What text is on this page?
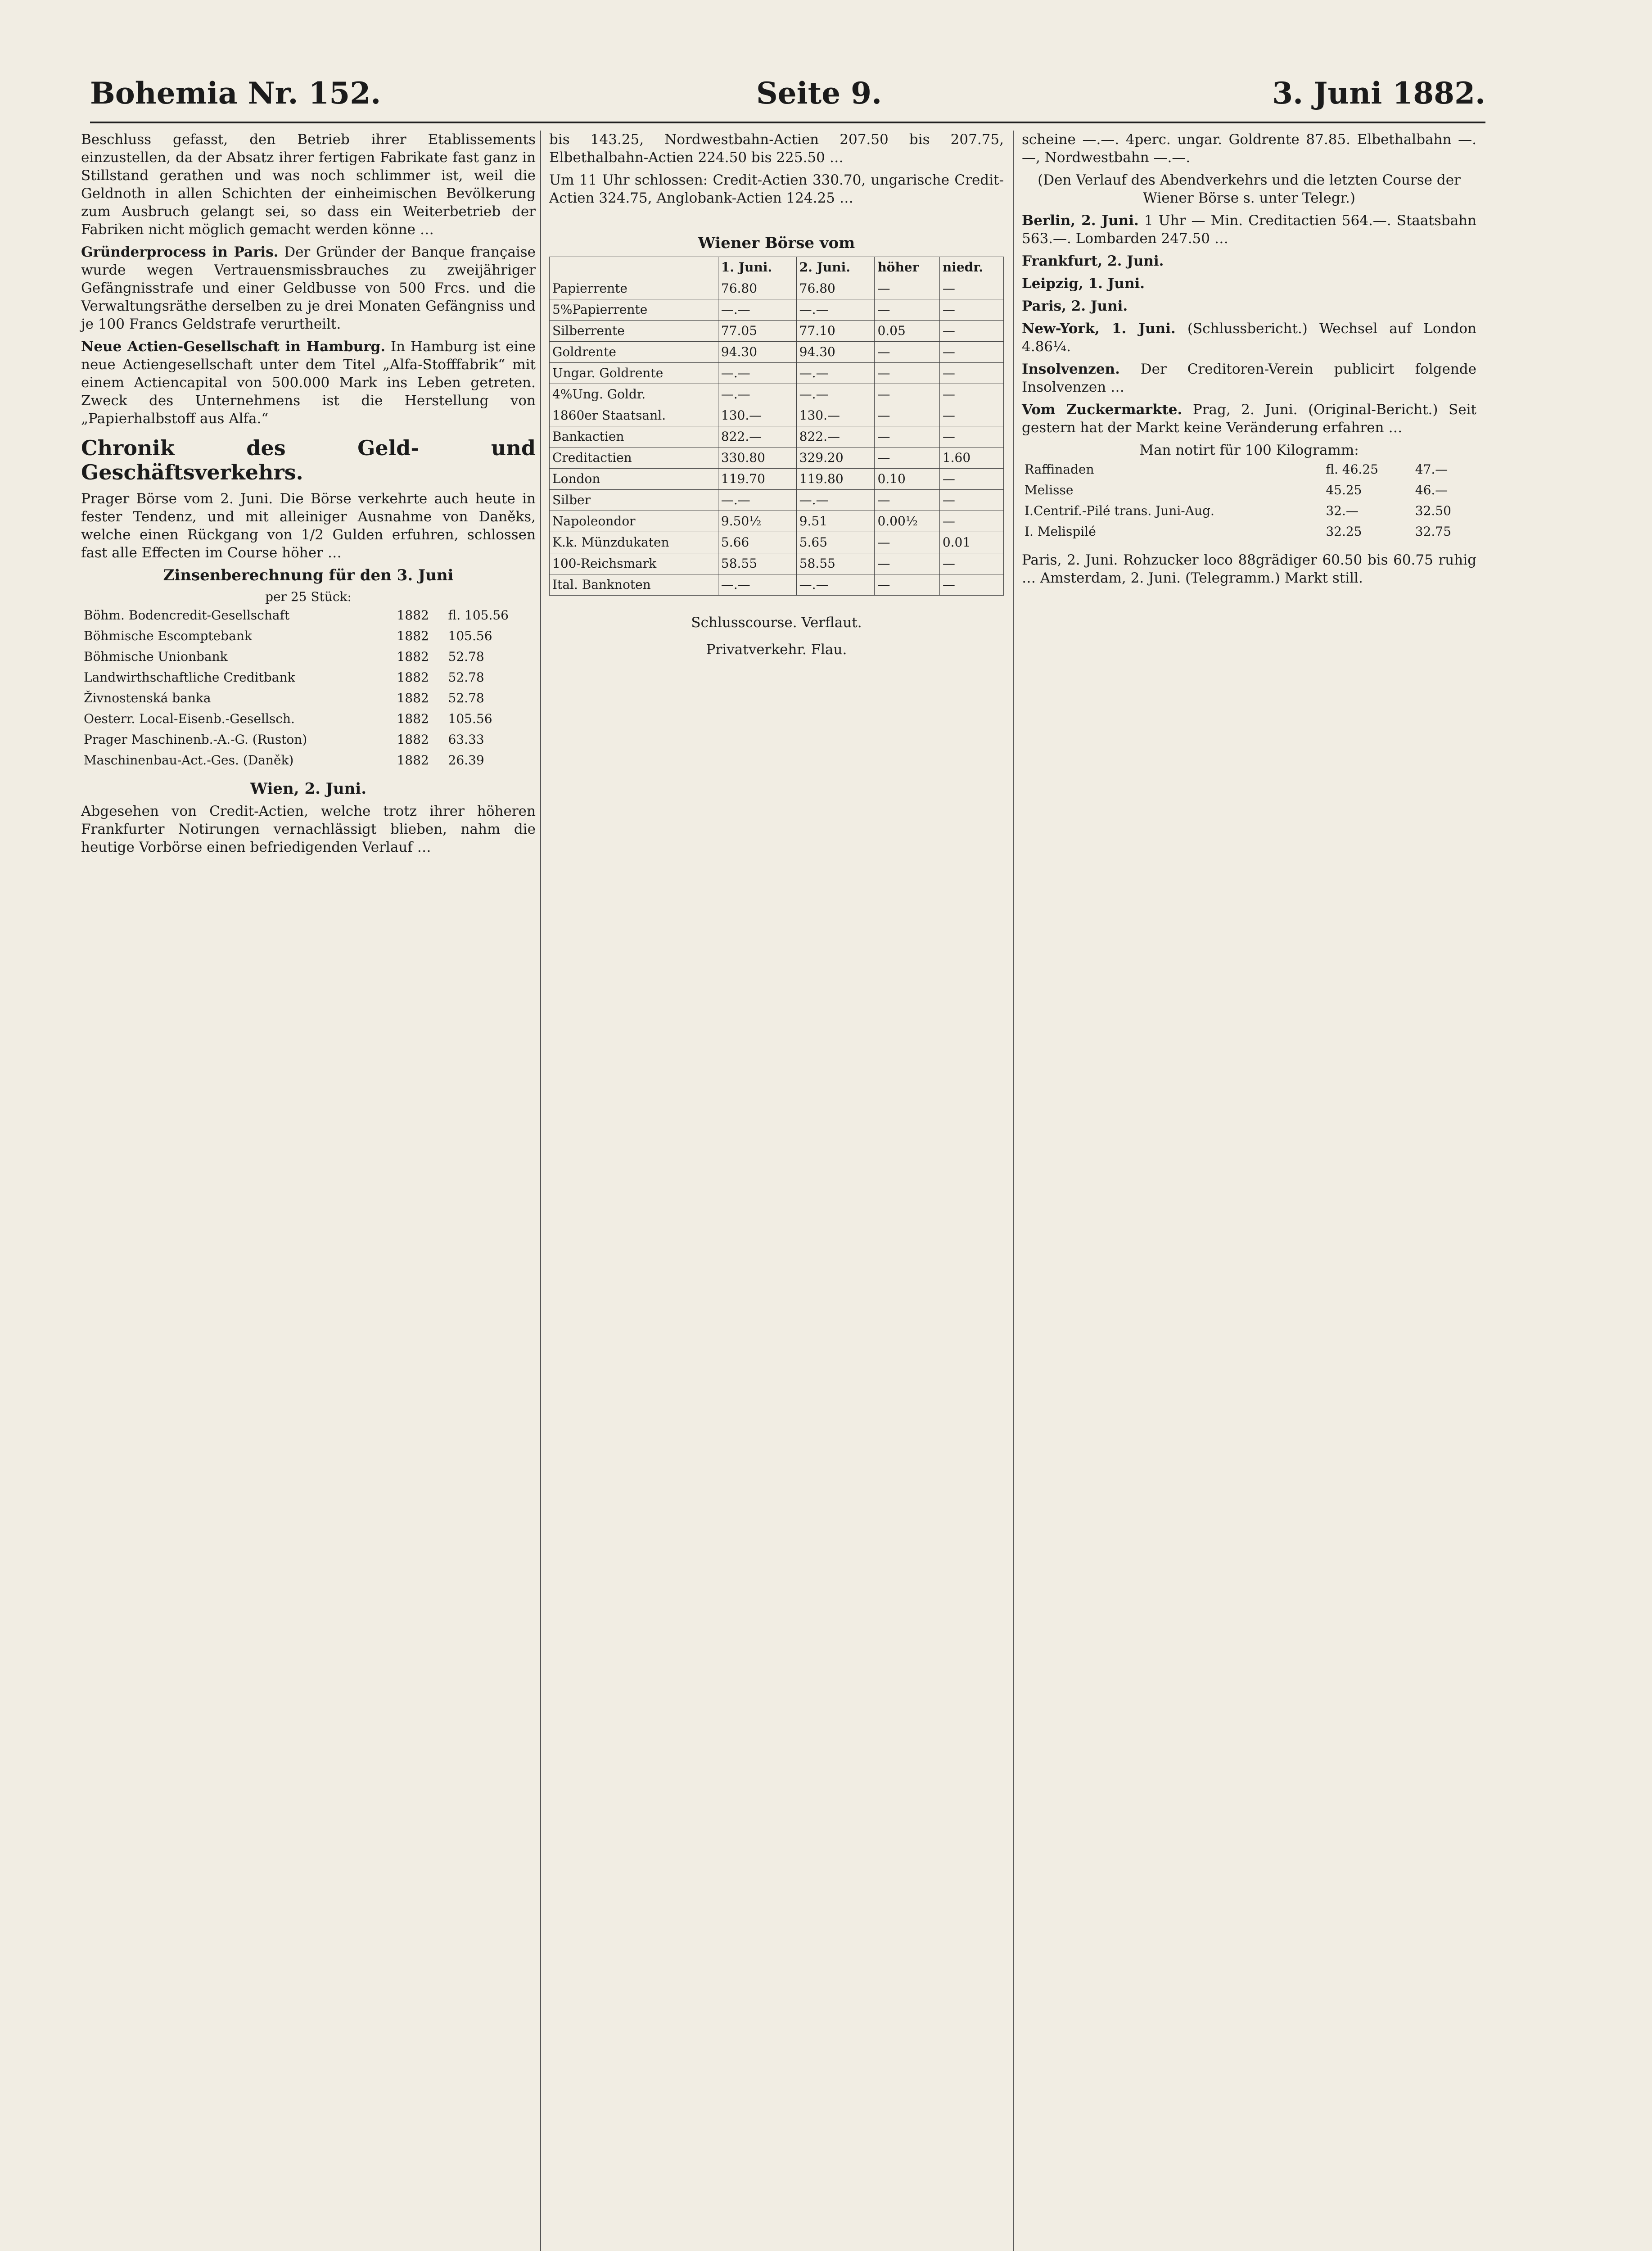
Bohemia Nr. 152.	Seite 9.	3. Juni 1882.

Beschluss gefasst, den Betrieb ihrer Etablissements einzustellen, da der Absatz ihrer fertigen Fabrikate fast ganz in Stillstand gerathen und was noch schlimmer ist, weil die Geldnoth in allen Schichten der einheimischen Bevölkerung zum Ausbruch gelangt sei, so dass ein Weiterbetrieb der Fabriken nicht möglich gemacht werden könne …

Gründerprocess in Paris. Der Gründer der Banque française wurde wegen Vertrauensmissbrauches zu zweijähriger Gefängnisstrafe und einer Geldbusse von 500 Frcs. und die Verwaltungsräthe derselben zu je drei Monaten Gefängniss und je 100 Francs Geldstrafe verurtheilt.

Neue Actien-Gesellschaft in Hamburg. In Hamburg ist eine neue Actiengesellschaft unter dem Titel „Alfa-Stofffabrik“ mit einem Actiencapital von 500.000 Mark ins Leben getreten. Zweck des Unternehmens ist die Herstellung von „Papierhalbstoff aus Alfa.“

Chronik des Geld- und Geschäftsverkehrs.

Prager Börse vom 2. Juni. Die Börse verkehrte auch heute in fester Tendenz, und mit alleiniger Ausnahme von Daněks, welche einen Rückgang von 1/2 Gulden erfuhren, schlossen fast alle Effecten im Course höher …

Zinsenberechnung für den 3. Juni
per 25 Stück:
Böhm. Bodencredit-Gesellschaft	1882	fl. 105.56
Böhmische Escomptebank	1882	105.56
Böhmische Unionbank	1882	52.78
Landwirthschaftliche Creditbank	1882	52.78
Živnostenská banka	1882	52.78
Oesterr. Local-Eisenb.-Gesellsch.	1882	105.56
Prager Maschinenb.-A.-G. (Ruston)	1882	63.33
Maschinenbau-Act.-Ges. (Daněk)	1882	26.39
Wien, 2. Juni.

Abgesehen von Credit-Actien, welche trotz ihrer höheren Frankfurter Notirungen vernachlässigt blieben, nahm die heutige Vorbörse einen befriedigenden Verlauf …

bis 143.25, Nordwestbahn-Actien 207.50 bis 207.75, Elbethalbahn-Actien 224.50 bis 225.50 …

Um 11 Uhr schlossen: Credit-Actien 330.70, ungarische Credit-Actien 324.75, Anglobank-Actien 124.25 …

Wiener Börse vom
	1. Juni.	2. Juni.	höher	niedr.
Papierrente	76.80	76.80	—	—
5%Papierrente	—.—	—.—	—	—
Silberrente	77.05	77.10	0.05	—
Goldrente	94.30	94.30	—	—
Ungar. Goldrente	—.—	—.—	—	—
4%Ung. Goldr.	—.—	—.—	—	—
1860er Staatsanl.	130.—	130.—	—	—
Bankactien	822.—	822.—	—	—
Creditactien	330.80	329.20	—	1.60
London	119.70	119.80	0.10	—
Silber	—.—	—.—	—	—
Napoleondor	9.50½	9.51	0.00½	—
K.k. Münzdukaten	5.66	5.65	—	0.01
100-Reichsmark	58.55	58.55	—	—
Ital. Banknoten	—.—	—.—	—	—
Schlusscourse. Verflaut.
Privatverkehr. Flau.

scheine —.—. 4perc. ungar. Goldrente 87.85. Elbethalbahn —.—, Nordwestbahn —.—.

(Den Verlauf des Abendverkehrs und die letzten Course der Wiener Börse s. unter Telegr.)

Berlin, 2. Juni. 1 Uhr — Min. Creditactien 564.—. Staatsbahn 563.—. Lombarden 247.50 …

Frankfurt, 2. Juni.

Leipzig, 1. Juni.

Paris, 2. Juni.

New-York, 1. Juni. (Schlussbericht.) Wechsel auf London 4.86¼.

Insolvenzen. Der Creditoren-Verein publicirt folgende Insolvenzen …

Vom Zuckermarkte. Prag, 2. Juni. (Original-Bericht.) Seit gestern hat der Markt keine Veränderung erfahren …

Man notirt für 100 Kilogramm:
Raffinaden	fl. 46.25	47.—
Melisse	45.25	46.—
I.Centrif.-Pilé trans. Juni-Aug.	32.—	32.50
I. Melispilé	32.25	32.75

Paris, 2. Juni. Rohzucker loco 88grädiger 60.50 bis 60.75 ruhig … Amsterdam, 2. Juni. (Telegramm.) Markt still.
